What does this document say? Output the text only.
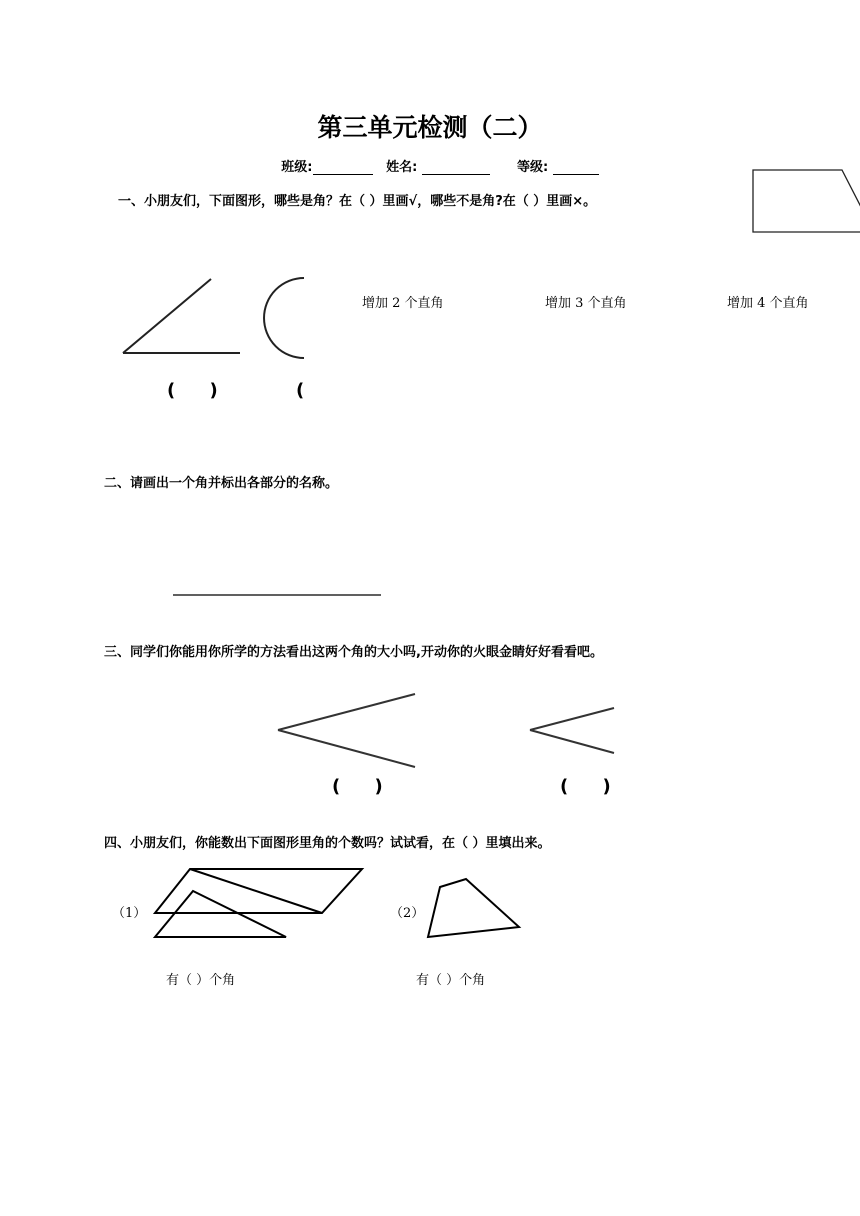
第三单元检测（二）
班级:	姓名:	等级:
一、小朋友们，下面图形，哪些是角？在（ ）里画√，哪些不是角?在（ ）里画×。
( )	(
增加 2 个直角	增加 3 个直角	增加 4 个直角
二、请画出一个角并标出各部分的名称。
三、同学们你能用你所学的方法看出这两个角的大小吗,开动你的火眼金睛好好看看吧。
( )	( )
四、小朋友们，你能数出下面图形里角的个数吗？试试看，在（ ）里填出来。
（1）	（2）
有（ ）个角	有（ ）个角
